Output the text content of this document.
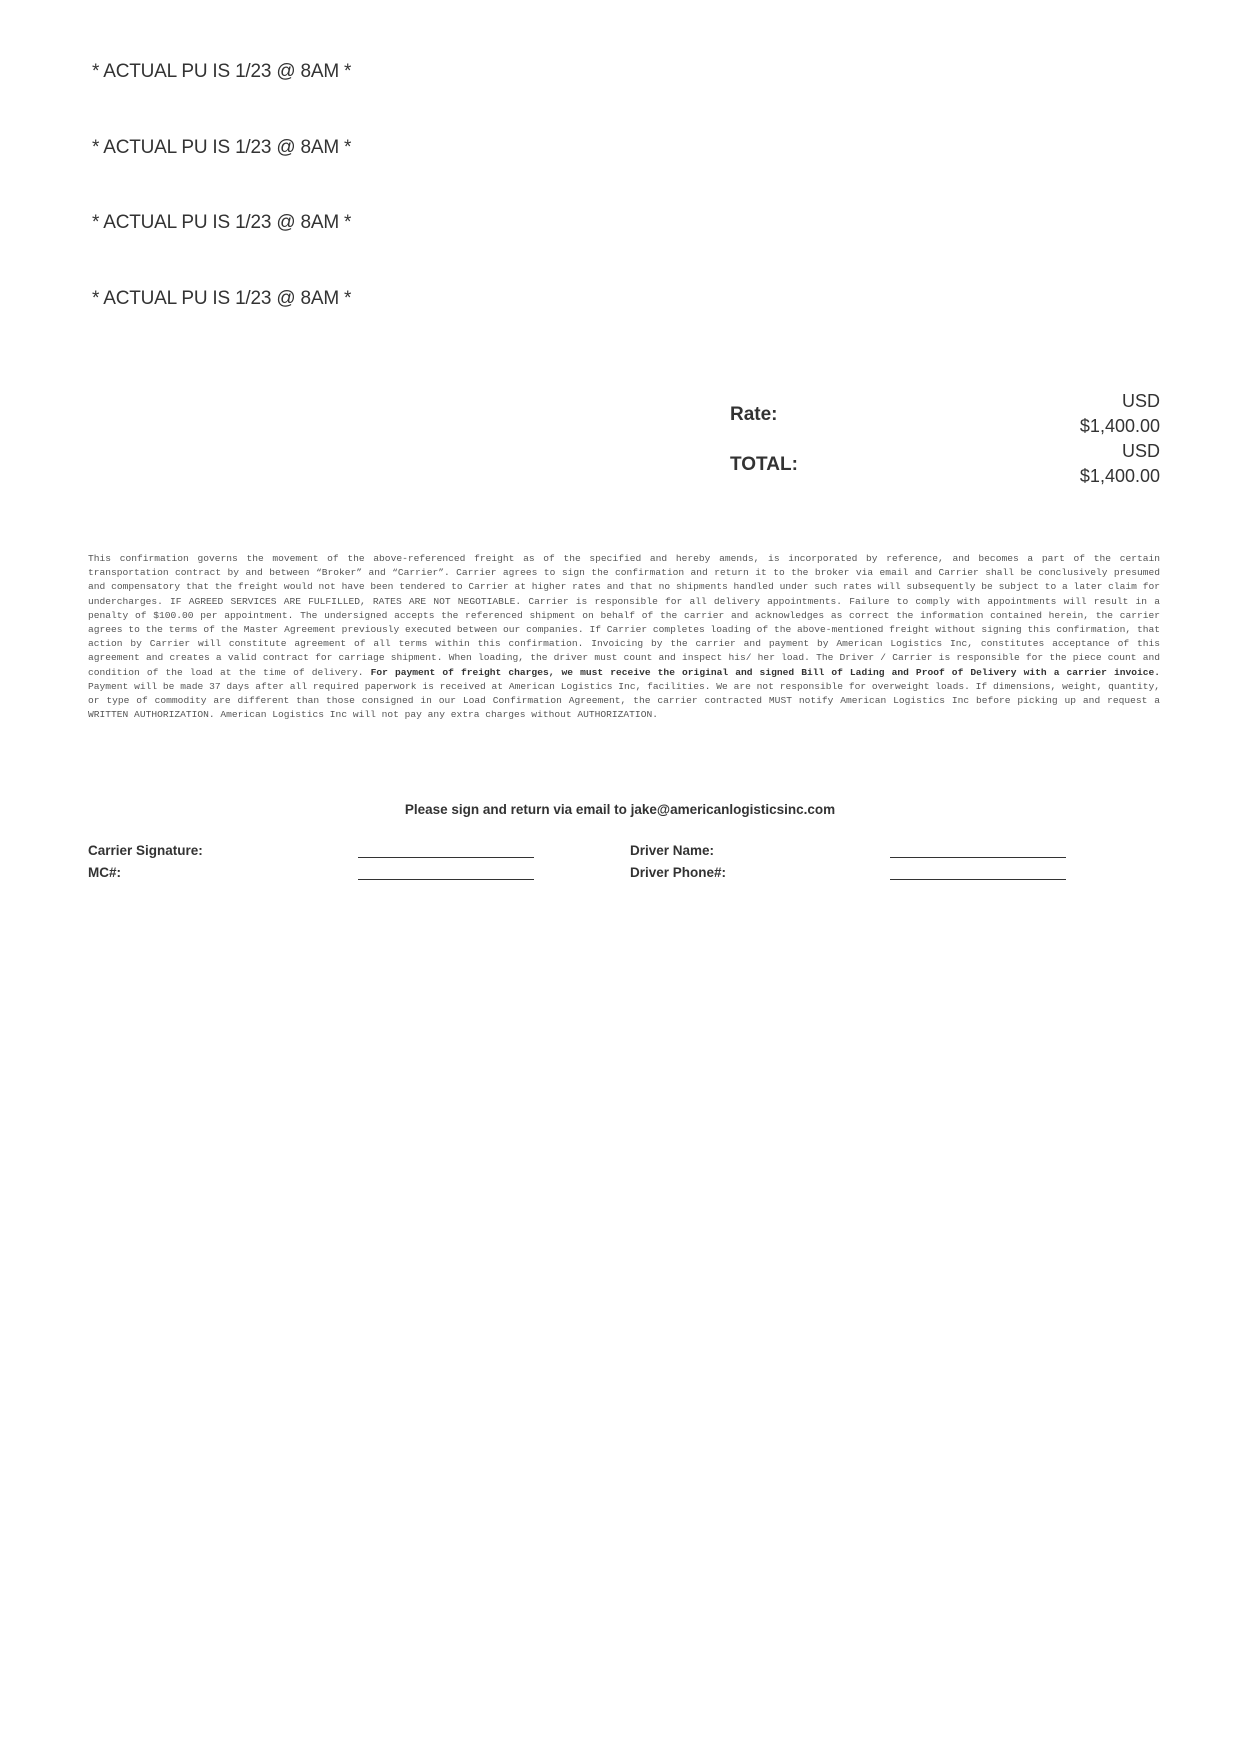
* ACTUAL PU IS 1/23 @ 8AM *
* ACTUAL PU IS 1/23 @ 8AM *
* ACTUAL PU IS 1/23 @ 8AM *
* ACTUAL PU IS 1/23 @ 8AM *
Rate:
USD
$1,400.00
TOTAL:
USD
$1,400.00

This confirmation governs the movement of the above-referenced freight as of the specified and hereby amends, is incorporated by reference, and becomes a part of the certain transportation contract by and between “Broker” and “Carrier”. Carrier agrees to sign the confirmation and return it to the broker via email and Carrier shall be conclusively presumed and compensatory that the freight would not have been tendered to Carrier at higher rates and that no shipments handled under such rates will subsequently be subject to a later claim for undercharges. IF AGREED SERVICES ARE FULFILLED, RATES ARE NOT NEGOTIABLE. Carrier is responsible for all delivery appointments. Failure to comply with appointments will result in a penalty of $100.00 per appointment. The undersigned accepts the referenced shipment on behalf of the carrier and acknowledges as correct the information contained herein, the carrier agrees to the terms of the Master Agreement previously executed between our companies. If Carrier completes loading of the above-mentioned freight without signing this confirmation, that action by Carrier will constitute agreement of all terms within this confirmation. Invoicing by the carrier and payment by American Logistics Inc, constitutes acceptance of this agreement and creates a valid contract for carriage shipment. When loading, the driver must count and inspect his/ her load. The Driver / Carrier is responsible for the piece count and condition of the load at the time of delivery. For payment of freight charges, we must receive the original and signed Bill of Lading and Proof of Delivery with a carrier invoice. Payment will be made 37 days after all required paperwork is received at American Logistics Inc, facilities. We are not responsible for overweight loads. If dimensions, weight, quantity, or type of commodity are different than those consigned in our Load Confirmation Agreement, the carrier contracted MUST notify American Logistics Inc before picking up and request a WRITTEN AUTHORIZATION. American Logistics Inc will not pay any extra charges without AUTHORIZATION.

Please sign and return via email to jake@americanlogisticsinc.com
Carrier Signature:	Driver Name:
MC#:	Driver Phone#:
